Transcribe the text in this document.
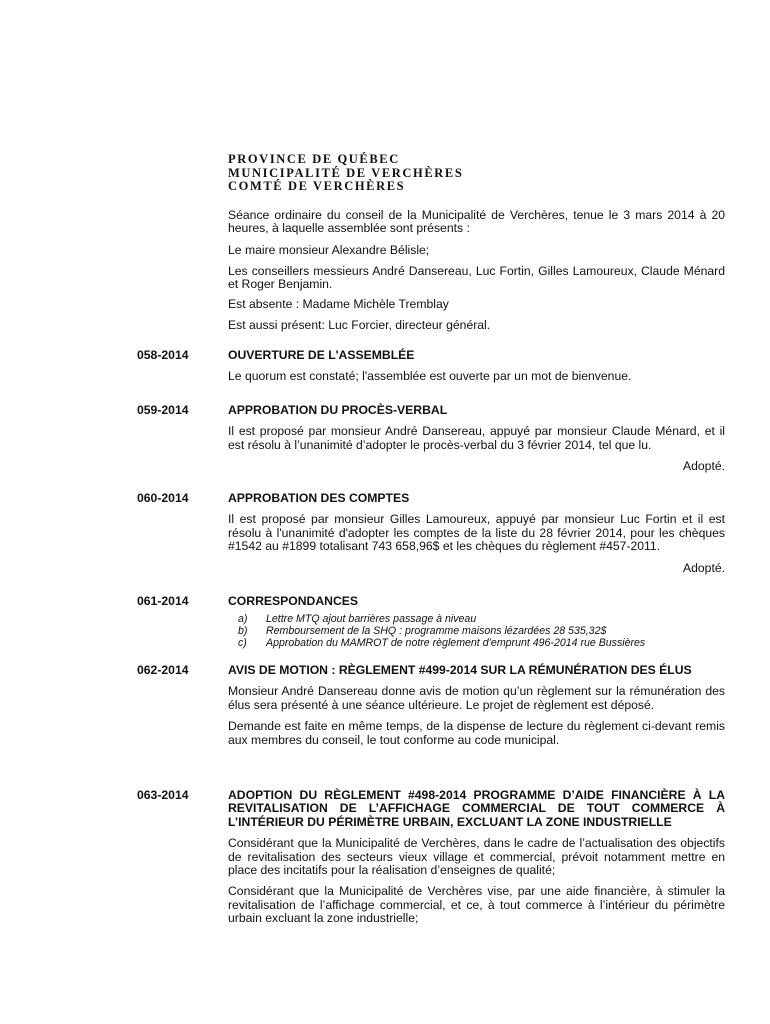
PROVINCE DE QUÉBEC
MUNICIPALITÉ DE VERCHÈRES
COMTÉ DE VERCHÈRES

Séance ordinaire du conseil de la Municipalité de Verchères, tenue le 3 mars 2014 à 20 heures, à laquelle assemblée sont présents :

Le maire monsieur Alexandre Bélisle;

Les conseillers messieurs André Dansereau, Luc Fortin, Gilles Lamoureux, Claude Ménard et Roger Benjamin.

Est absente : Madame Michèle Tremblay

Est aussi présent: Luc Forcier, directeur général.

058-2014	OUVERTURE DE L'ASSEMBLÉE

Le quorum est constaté; l'assemblée est ouverte par un mot de bienvenue.

059-2014	APPROBATION DU PROCÈS-VERBAL

Il est proposé par monsieur André Dansereau, appuyé par monsieur Claude Ménard, et il est résolu à l’unanimité d’adopter le procès-verbal du 3 février 2014, tel que lu.

Adopté.

060-2014	APPROBATION DES COMPTES

Il est proposé par monsieur Gilles Lamoureux, appuyé par monsieur Luc Fortin et il est résolu à l'unanimité d'adopter les comptes de la liste du 28 février 2014, pour les chèques #1542 au #1899 totalisant 743 658,96$ et les chèques du règlement #457-2011.

Adopté.

061-2014	CORRESPONDANCES

a)	Lettre MTQ ajout barrières passage à niveau
b)	Remboursement de la SHQ : programme maisons lézardées 28 535,32$
c)	Approbation du MAMROT de notre règlement d’emprunt 496-2014 rue Bussières
062-2014	AVIS DE MOTION : RÈGLEMENT #499-2014 SUR LA RÉMUNÉRATION DES ÉLUS

Monsieur André Dansereau donne avis de motion qu’un règlement sur la rémunération des élus sera présenté à une séance ultérieure. Le projet de règlement est déposé.

Demande est faite en même temps, de la dispense de lecture du règlement ci-devant remis aux membres du conseil, le tout conforme au code municipal.

063-2014	ADOPTION DU RÈGLEMENT #498-2014 PROGRAMME D’AIDE FINANCIÈRE À LA REVITALISATION DE L’AFFICHAGE COMMERCIAL DE TOUT COMMERCE À L’INTÉRIEUR DU PÉRIMÈTRE URBAIN, EXCLUANT LA ZONE INDUSTRIELLE

Considérant que la Municipalité de Verchères, dans le cadre de l’actualisation des objectifs de revitalisation des secteurs vieux village et commercial, prévoit notamment mettre en place des incitatifs pour la réalisation d’enseignes de qualité;

Considérant que la Municipalité de Verchères vise, par une aide financière, à stimuler la revitalisation de l’affichage commercial, et ce, à tout commerce à l’intérieur du périmètre urbain excluant la zone industrielle;
